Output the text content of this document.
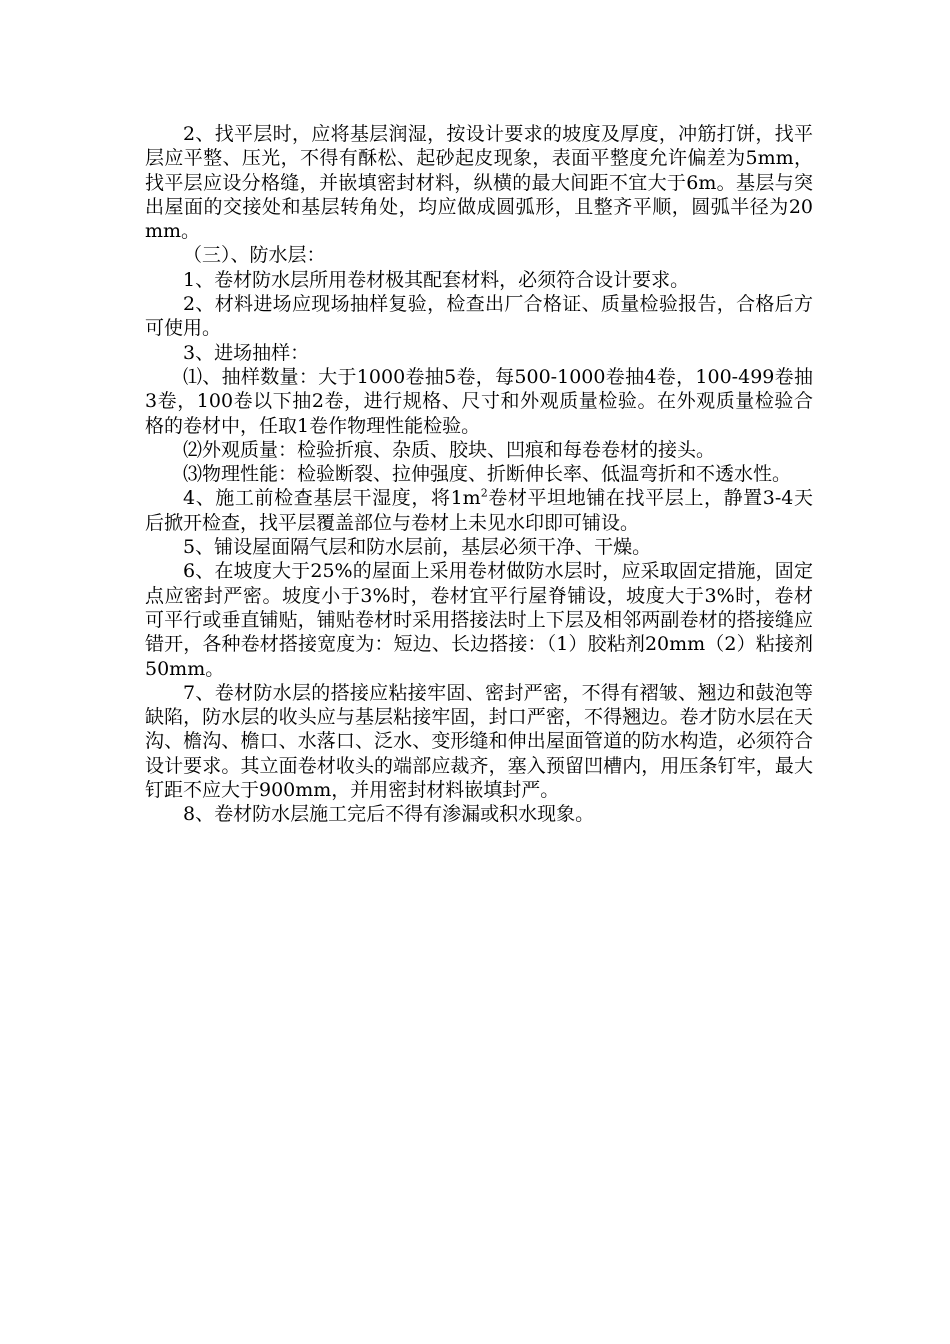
2、找平层时，应将基层润湿，按设计要求的坡度及厚度，冲筋打饼，找平层应平整、压光，不得有酥松、起砂起皮现象，表面平整度允许偏差为5mm，找平层应设分格缝，并嵌填密封材料，纵横的最大间距不宜大于6m。基层与突出屋面的交接处和基层转角处，均应做成圆弧形，且整齐平顺，圆弧半径为20mm。

（三）、防水层：

1、卷材防水层所用卷材极其配套材料，必须符合设计要求。

2、材料进场应现场抽样复验，检查出厂合格证、质量检验报告，合格后方可使用。

3、进场抽样：

⑴、抽样数量：大于1000卷抽5卷，每500-1000卷抽4卷，100-499卷抽3卷，100卷以下抽2卷，进行规格、尺寸和外观质量检验。在外观质量检验合格的卷材中，任取1卷作物理性能检验。

⑵外观质量：检验折痕、杂质、胶块、凹痕和每卷卷材的接头。

⑶物理性能：检验断裂、拉伸强度、折断伸长率、低温弯折和不透水性。

4、施工前检查基层干湿度，将$1m^2$卷材平坦地铺在找平层上，静置3-4天后掀开检查，找平层覆盖部位与卷材上未见水印即可铺设。

5、铺设屋面隔气层和防水层前，基层必须干净、干燥。

6、在坡度大于25%的屋面上采用卷材做防水层时，应采取固定措施，固定点应密封严密。坡度小于3%时，卷材宜平行屋脊铺设，坡度大于3%时，卷材可平行或垂直铺贴，铺贴卷材时采用搭接法时上下层及相邻两副卷材的搭接缝应错开，各种卷材搭接宽度为：短边、长边搭接：（1）胶粘剂20mm（2）粘接剂50mm。

7、卷材防水层的搭接应粘接牢固、密封严密，不得有褶皱、翘边和鼓泡等缺陷，防水层的收头应与基层粘接牢固，封口严密，不得翘边。卷才防水层在天沟、檐沟、檐口、水落口、泛水、变形缝和伸出屋面管道的防水构造，必须符合设计要求。其立面卷材收头的端部应裁齐，塞入预留凹槽内，用压条钉牢，最大钉距不应大于900mm，并用密封材料嵌填封严。

8、卷材防水层施工完后不得有渗漏或积水现象。
